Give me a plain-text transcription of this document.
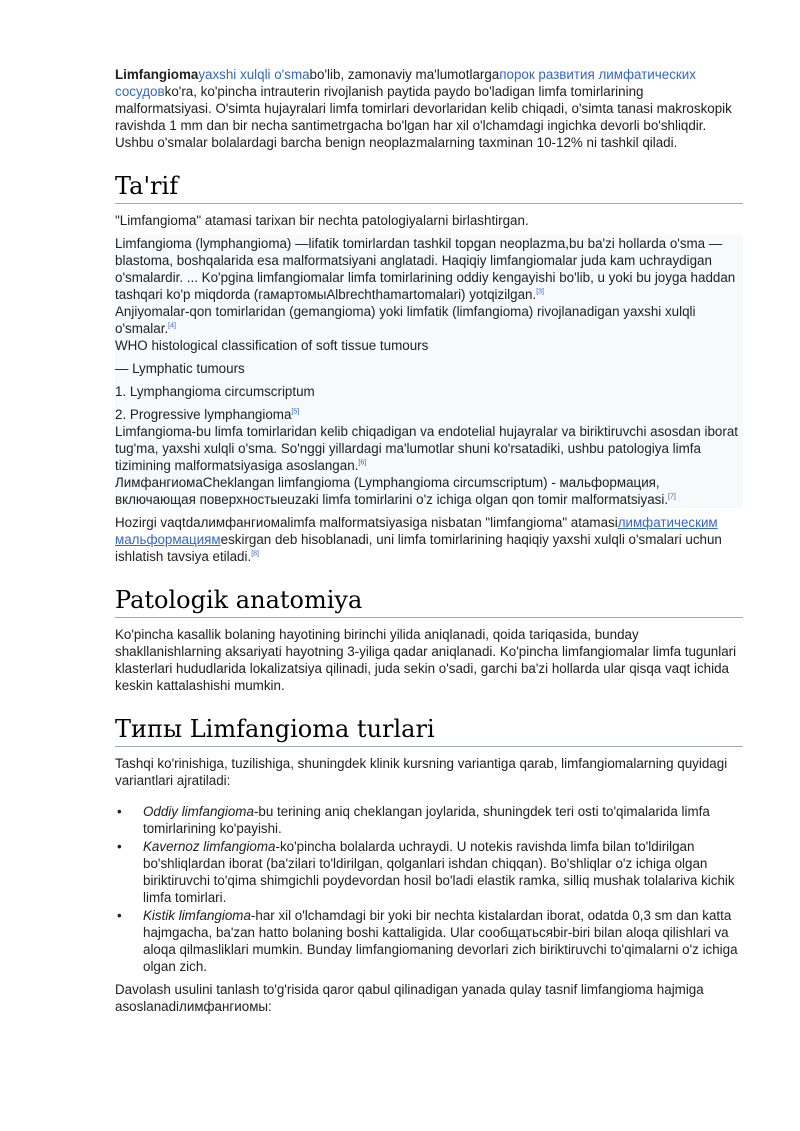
Limfangiomayaxshi xulqli o'smabo'lib, zamonaviy ma'lumotlargaпорок развития лимфатических сосудовko'ra, ko'pincha intrauterin rivojlanish paytida paydo bo'ladigan limfa tomirlarining malformatsiyasi. O'simta hujayralari limfa tomirlari devorlaridan kelib chiqadi, o'simta tanasi makroskopik ravishda 1 mm dan bir necha santimetrgacha bo'lgan har xil o'lchamdagi ingichka devorli bo'shliqdir. Ushbu o'smalar bolalardagi barcha benign neoplazmalarning taxminan 10-12% ni tashkil qiladi.

Ta'rif

"Limfangioma" atamasi tarixan bir nechta patologiyalarni birlashtirgan.

Limfangioma (lymphangioma) —lifatik tomirlardan tashkil topgan neoplazma,bu ba'zi hollarda o'sma — blastoma, boshqalarida esa malformatsiyani anglatadi. Haqiqiy limfangiomalar juda kam uchraydigan o'smalardir. ... Ko'pgina limfangiomalar limfa tomirlarining oddiy kengayishi bo'lib, u yoki bu joyga haddan tashqari ko'p miqdorda (гамартомыAlbrechthamartomalari) yotqizilgan.[3]

Anjiyomalar-qon tomirlaridan (gemangioma) yoki limfatik (limfangioma) rivojlanadigan yaxshi xulqli o'smalar.[4]

WHO histological classification of soft tissue tumours

— Lymphatic tumours

1. Lymphangioma circumscriptum

2. Progressive lymphangioma[5]

Limfangioma-bu limfa tomirlaridan kelib chiqadigan va endotelial hujayralar va biriktiruvchi asosdan iborat tug'ma, yaxshi xulqli o'sma. So'nggi yillardagi ma'lumotlar shuni ko'rsatadiki, ushbu patologiya limfa tizimining malformatsiyasiga asoslangan.[6]

ЛимфангиомаCheklangan limfangioma (Lymphangioma circumscriptum) - мальформация, включающая поверхностыеuzaki limfa tomirlarini o'z ichiga olgan qon tomir malformatsiyasi.[7]

Hozirgi vaqtdaлимфангиомаlimfa malformatsiyasiga nisbatan "limfangioma" atamasiлимфатическим мальформациямeskirgan deb hisoblanadi, uni limfa tomirlarining haqiqiy yaxshi xulqli o'smalari uchun ishlatish tavsiya etiladi.[8]

Patologik anatomiya

Ko'pincha kasallik bolaning hayotining birinchi yilida aniqlanadi, qoida tariqasida, bunday shakllanishlarning aksariyati hayotning 3-yiliga qadar aniqlanadi. Ko'pincha limfangiomalar limfa tugunlari klasterlari hududlarida lokalizatsiya qilinadi, juda sekin o'sadi, garchi ba'zi hollarda ular qisqa vaqt ichida keskin kattalashishi mumkin.

Типы Limfangioma turlari

Tashqi ko'rinishiga, tuzilishiga, shuningdek klinik kursning variantiga qarab, limfangiomalarning quyidagi variantlari ajratiladi:

• Oddiy limfangioma-bu terining aniq cheklangan joylarida, shuningdek teri osti to'qimalarida limfa tomirlarining ko'payishi.
• Kavernoz limfangioma-ko'pincha bolalarda uchraydi. U notekis ravishda limfa bilan to'ldirilgan bo'shliqlardan iborat (ba'zilari to'ldirilgan, qolganlari ishdan chiqqan). Bo'shliqlar o'z ichiga olgan biriktiruvchi to'qima shimgichli poydevordan hosil bo'ladi elastik ramka, silliq mushak tolalariva kichik limfa tomirlari.
• Kistik limfangioma-har xil o'lchamdagi bir yoki bir nechta kistalardan iborat, odatda 0,3 sm dan katta hajmgacha, ba'zan hatto bolaning boshi kattaligida. Ular сообщатьсяbir-biri bilan aloqa qilishlari va aloqa qilmasliklari mumkin. Bunday limfangiomaning devorlari zich biriktiruvchi to'qimalarni o'z ichiga olgan zich.

Davolash usulini tanlash to'g'risida qaror qabul qilinadigan yanada qulay tasnif limfangioma hajmiga asoslanadiлимфангиомы:
